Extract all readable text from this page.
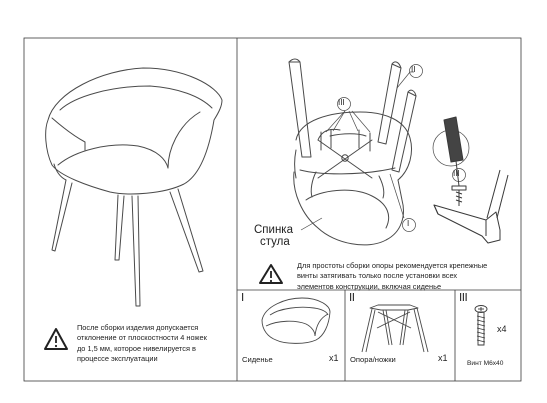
После сборки изделия допускается
отклонение от плоскостности 4 ножек
до 1,5 мм, которое нивелируется в
процессе эксплуатации
Для простоты сборки опоры рекомендуется крепежные
винты затягивать только после установки всех
элементов конструкции, включая сиденье
Спинка
стула
II
III
I
III
I
Сиденье	x1
II
Опора/ножки	x1
III
Винт М6х40
x4
